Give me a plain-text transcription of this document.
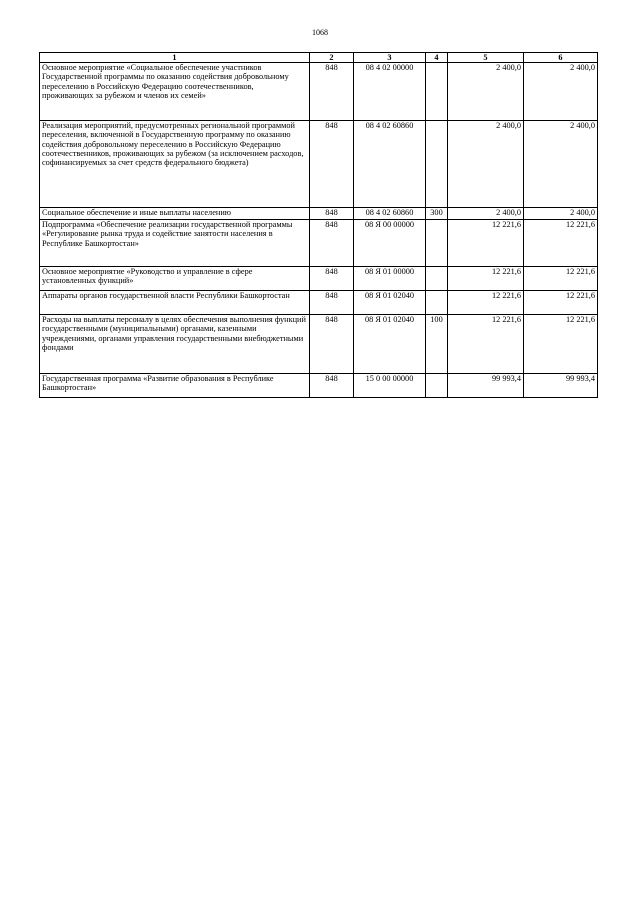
1068
1	2	3	4	5	6
Основное мероприятие «Социальное обеспечение участников Государственной программы по оказанию содействия добровольному переселению в Российскую Федерацию соотечественников, проживающих за рубежом и членов их семей»	848	08 4 02 00000		2 400,0	2 400,0
Реализация мероприятий, предусмотренных региональной программой переселения, включенной в Государственную программу по оказанию содействия добровольному переселению в Российскую Федерацию соотечественников, проживающих за рубежом (за исключением расходов, софинансируемых за счет средств федерального бюджета)	848	08 4 02 60860		2 400,0	2 400,0
Социальное обеспечение и иные выплаты населению	848	08 4 02 60860	300	2 400,0	2 400,0
Подпрограмма «Обеспечение реализации государственной программы «Регулирование рынка труда и содействие занятости населения в Республике Башкортостан»	848	08 Я 00 00000		12 221,6	12 221,6
Основное мероприятие «Руководство и управление в сфере установленных функций»	848	08 Я 01 00000		12 221,6	12 221,6
Аппараты органов государственной власти Республики Башкортостан	848	08 Я 01 02040		12 221,6	12 221,6
Расходы на выплаты персоналу в целях обеспечения выполнения функций государственными (муниципальными) органами, казенными учреждениями, органами управления государственными внебюджетными фондами	848	08 Я 01 02040	100	12 221,6	12 221,6
Государственная программа «Развитие образования в Республике Башкортостан»	848	15 0 00 00000		99 993,4	99 993,4
